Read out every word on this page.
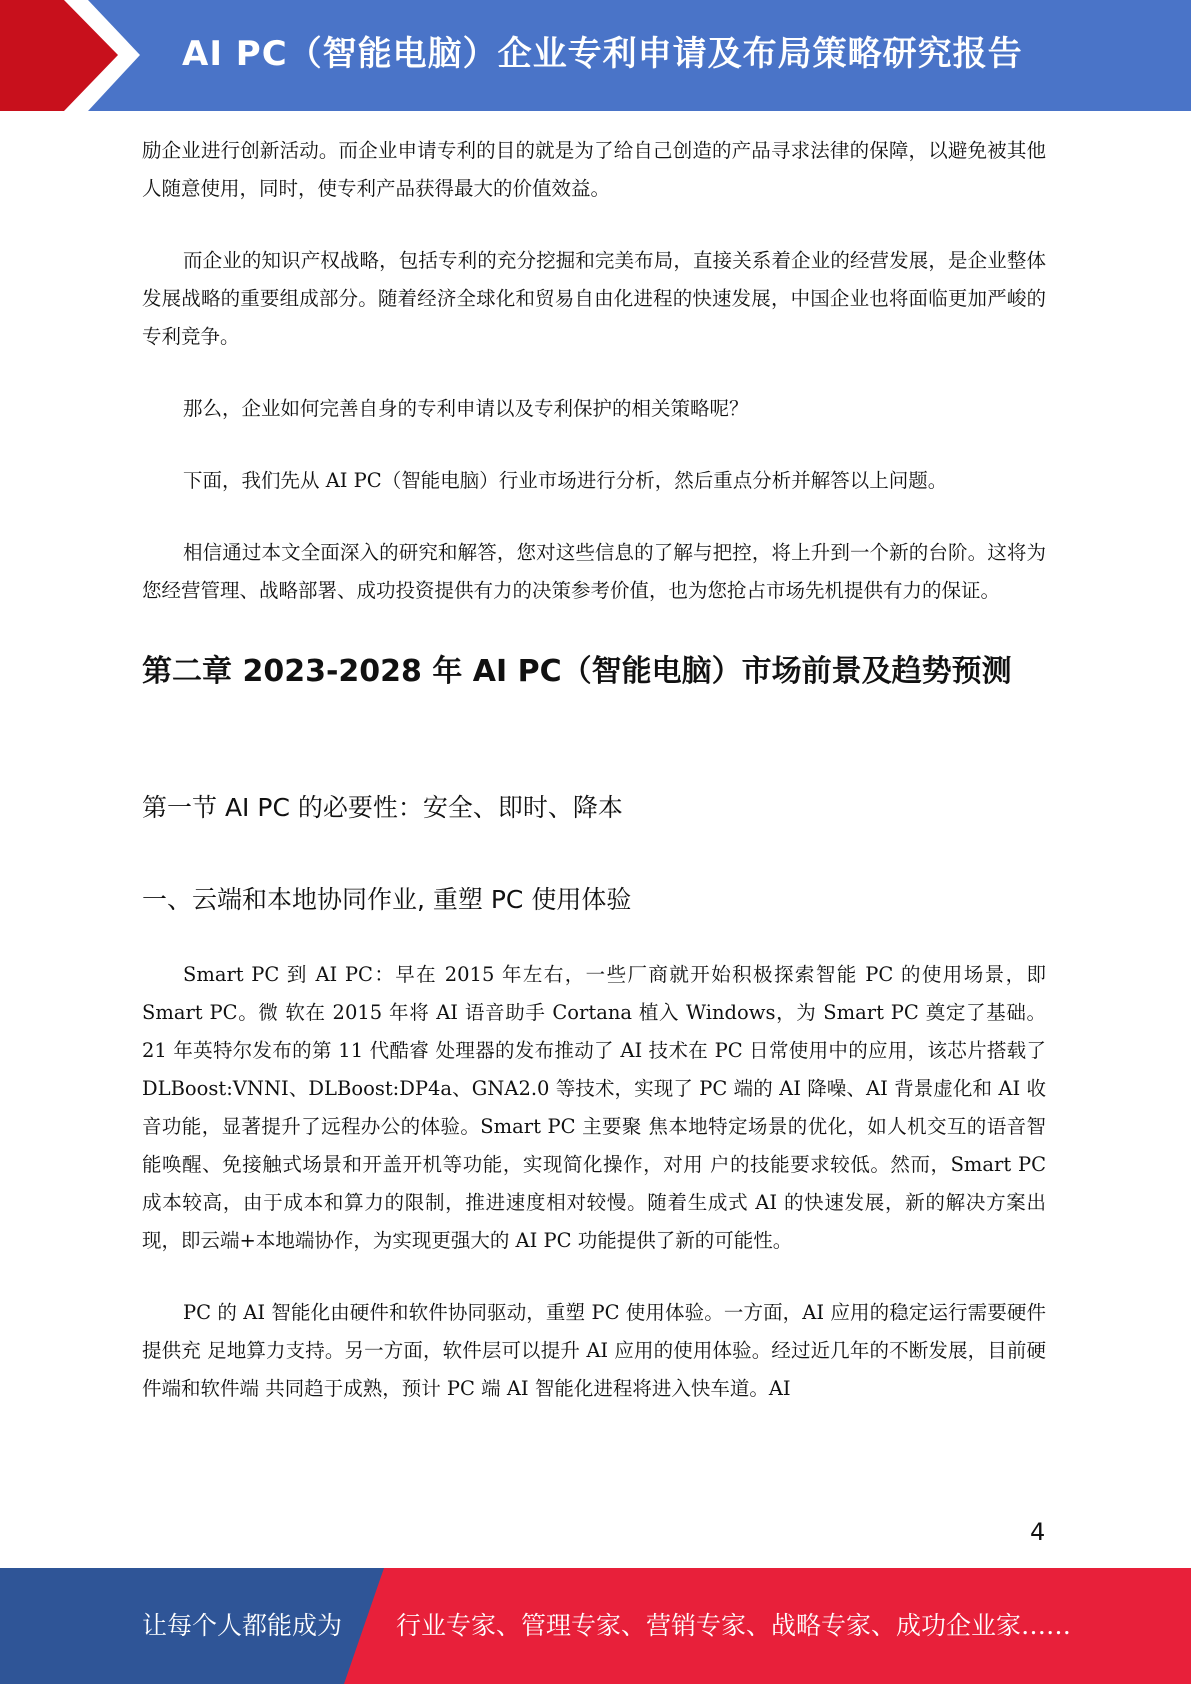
AI PC（智能电脑）企业专利申请及布局策略研究报告

励企业进行创新活动。而企业申请专利的目的就是为了给自己创造的产品寻求法律的保障，以避免被其他人随意使用，同时，使专利产品获得最大的价值效益。

而企业的知识产权战略，包括专利的充分挖掘和完美布局，直接关系着企业的经营发展，是企业整体发展战略的重要组成部分。随着经济全球化和贸易自由化进程的快速发展，中国企业也将面临更加严峻的专利竞争。

那么，企业如何完善自身的专利申请以及专利保护的相关策略呢？

下面，我们先从 AI PC（智能电脑）行业市场进行分析，然后重点分析并解答以上问题。

相信通过本文全面深入的研究和解答，您对这些信息的了解与把控，将上升到一个新的台阶。这将为您经营管理、战略部署、成功投资提供有力的决策参考价值，也为您抢占市场先机提供有力的保证。

第二章 2023-2028 年 AI PC（智能电脑）市场前景及趋势预测
第一节 AI PC 的必要性：安全、即时、降本
一、云端和本地协同作业, 重塑 PC 使用体验

Smart PC 到 AI PC：早在 2015 年左右，一些厂商就开始积极探索智能 PC 的使用场景，即 Smart PC。微 软在 2015 年将 AI 语音助手 Cortana 植入 Windows，为 Smart PC 奠定了基础。21 年英特尔发布的第 11 代酷睿 处理器的发布推动了 AI 技术在 PC 日常使用中的应用，该芯片搭载了 DLBoost:VNNI、DLBoost:DP4a、GNA2.0 等技术，实现了 PC 端的 AI 降噪、AI 背景虚化和 AI 收音功能，显著提升了远程办公的体验。Smart PC 主要聚 焦本地特定场景的优化，如人机交互的语音智能唤醒、免接触式场景和开盖开机等功能，实现简化操作，对用 户的技能要求较低。然而，Smart PC 成本较高，由于成本和算力的限制，推进速度相对较慢。随着生成式 AI 的快速发展，新的解决方案出现，即云端+本地端协作，为实现更强大的 AI PC 功能提供了新的可能性。

PC 的 AI 智能化由硬件和软件协同驱动，重塑 PC 使用体验。一方面，AI 应用的稳定运行需要硬件提供充 足地算力支持。另一方面，软件层可以提升 AI 应用的使用体验。经过近几年的不断发展，目前硬件端和软件端 共同趋于成熟，预计 PC 端 AI 智能化进程将进入快车道。AI

4
让每个人都能成为 行业专家、管理专家、营销专家、战略专家、成功企业家……
